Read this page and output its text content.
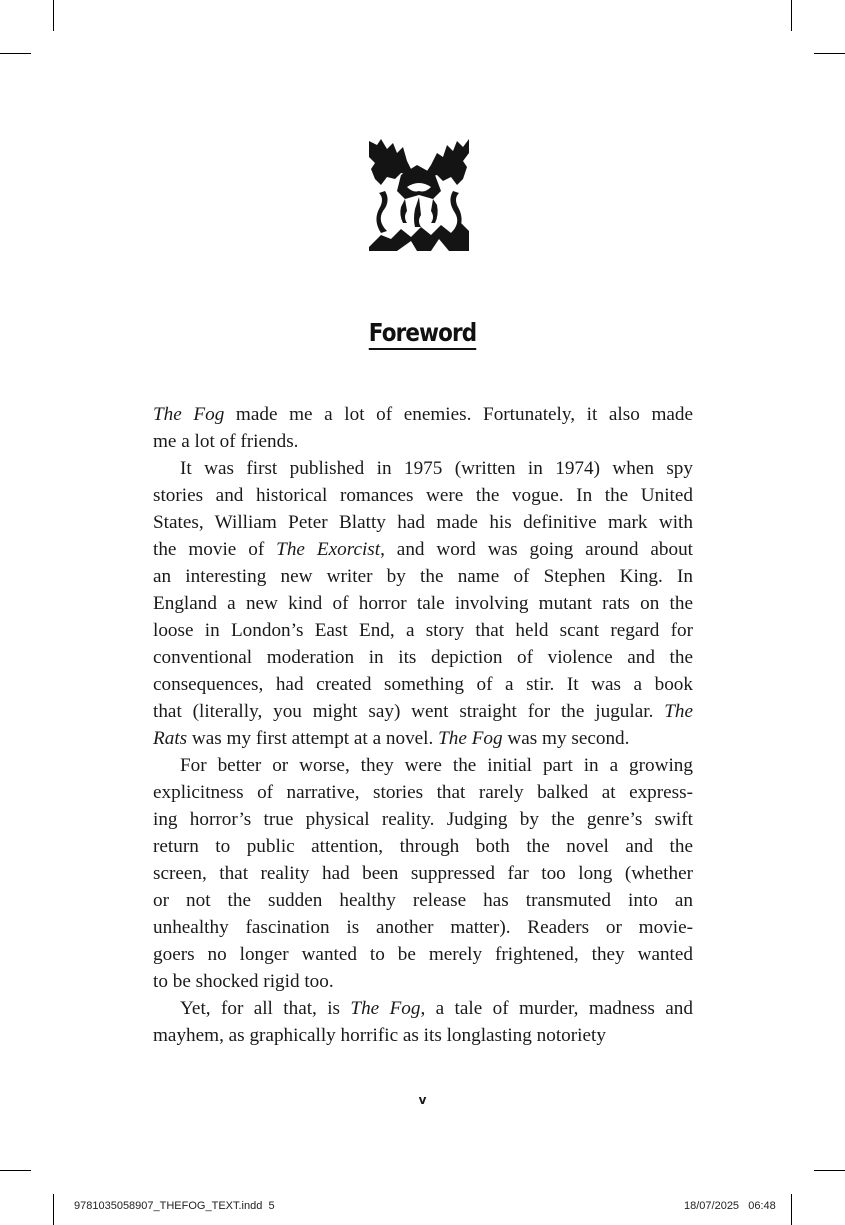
Foreword
The Fog made me a lot of enemies. Fortunately, it also made
me a lot of friends.
It was first published in 1975 (written in 1974) when spy
stories and historical romances were the vogue. In the United
States, William Peter Blatty had made his definitive mark with
the movie of The Exorcist, and word was going around about
an interesting new writer by the name of Stephen King. In
England a new kind of horror tale involving mutant rats on the
loose in London’s East End, a story that held scant regard for
conventional moderation in its depiction of violence and the
consequences, had created something of a stir. It was a book
that (literally, you might say) went straight for the jugular. The
Rats was my first attempt at a novel. The Fog was my second.
For better or worse, they were the initial part in a growing
explicitness of narrative, stories that rarely balked at express-
ing horror’s true physical reality. Judging by the genre’s swift
return to public attention, through both the novel and the
screen, that reality had been suppressed far too long (whether
or not the sudden healthy release has transmuted into an
unhealthy fascination is another matter). Readers or movie-
goers no longer wanted to be merely frightened, they wanted
to be shocked rigid too.
Yet, for all that, is The Fog, a tale of murder, madness and
mayhem, as graphically horrific as its longlasting notoriety
v
9781035058907_THEFOG_TEXT.indd 5	18/07/2025 06:48
